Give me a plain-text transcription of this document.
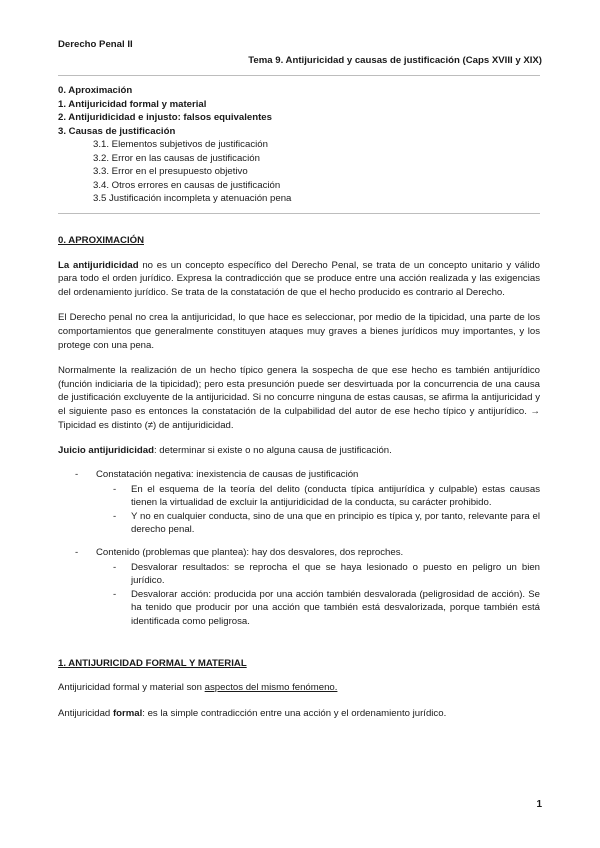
Derecho Penal II
Tema 9. Antijuricidad y causas de justificación (Caps XVIII y XIX)
0. Aproximación
1. Antijuricidad formal y material
2. Antijuridicidad e injusto: falsos equivalentes
3. Causas de justificación
3.1. Elementos subjetivos de justificación
3.2. Error en las causas de justificación
3.3. Error en el presupuesto objetivo
3.4. Otros errores en causas de justificación
3.5 Justificación incompleta y atenuación pena
0. APROXIMACIÓN

La antijuridicidad no es un concepto específico del Derecho Penal, se trata de un concepto unitario y válido para todo el orden jurídico. Expresa la contradicción que se produce entre una acción realizada y las exigencias del ordenamiento jurídico. Se trata de la constatación de que el hecho producido es contrario al Derecho.

El Derecho penal no crea la antijuricidad, lo que hace es seleccionar, por medio de la tipicidad, una parte de los comportamientos que generalmente constituyen ataques muy graves a bienes jurídicos muy importantes, y los protege con una pena.

Normalmente la realización de un hecho típico genera la sospecha de que ese hecho es también antijurídico (función indiciaria de la tipicidad); pero esta presunción puede ser desvirtuada por la concurrencia de una causa de justificación excluyente de la antijuricidad. Si no concurre ninguna de estas causas, se afirma la antijuricidad y el siguiente paso es entonces la constatación de la culpabilidad del autor de ese hecho típico y antijurídico. → Tipicidad es distinto (≠) de antijuridicidad.

Juicio antijuridicidad: determinar si existe o no alguna causa de justificación.

- Constatación negativa: inexistencia de causas de justificación
- En el esquema de la teoría del delito (conducta típica antijurídica y culpable) estas causas tienen la virtualidad de excluir la antijuridicidad de la conducta, su carácter prohibido.
- Y no en cualquier conducta, sino de una que en principio es típica y, por tanto, relevante para el derecho penal.
- Contenido (problemas que plantea): hay dos desvalores, dos reproches.
- Desvalorar resultados: se reprocha el que se haya lesionado o puesto en peligro un bien jurídico.
- Desvalorar acción: producida por una acción también desvalorada (peligrosidad de acción). Se ha tenido que producir por una acción que también está desvalorizada, porque también está identificada como peligrosa.
1. ANTIJURICIDAD FORMAL Y MATERIAL

Antijuricidad formal y material son aspectos del mismo fenómeno.

Antijuricidad formal: es la simple contradicción entre una acción y el ordenamiento jurídico.

1
